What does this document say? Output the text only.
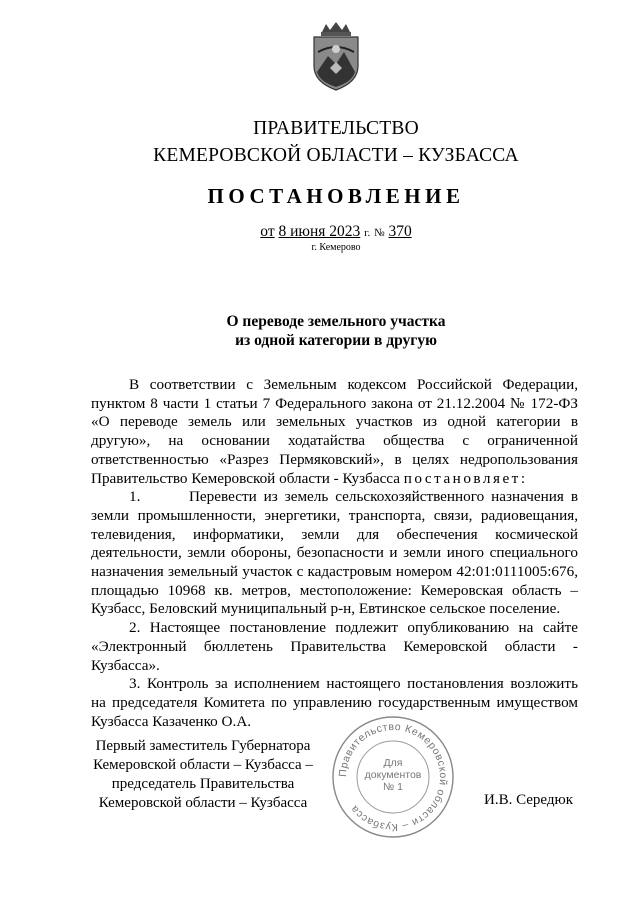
ПРАВИТЕЛЬСТВО
КЕМЕРОВСКОЙ ОБЛАСТИ – КУЗБАССА
ПОСТАНОВЛЕНИЕ
от 8 июня 2023 г. № 370
г. Кемерово
О переводе земельного участка
из одной категории в другую

В соответствии с Земельным кодексом Российской Федерации, пунктом 8 части 1 статьи 7 Федерального закона от 21.12.2004 № 172-ФЗ «О переводе земель или земельных участков из одной категории в другую», на основании ходатайства общества с ограниченной ответственностью «Разрез Пермяковский», в целях недропользования Правительство Кемеровской области - Кузбасса постановляет:

1.	Перевести из земель сельскохозяйственного назначения в земли промышленности, энергетики, транспорта, связи, радиовещания, телевидения, информатики, земли для обеспечения космической деятельности, земли обороны, безопасности и земли иного специального назначения земельный участок с кадастровым номером 42:01:0111005:676, площадью 10968 кв. метров, местоположение: Кемеровская область – Кузбасс, Беловский муниципальный р-н, Евтинское сельское поселение.

2. Настоящее постановление подлежит опубликованию на сайте «Электронный бюллетень Правительства Кемеровской области - Кузбасса».

3. Контроль за исполнением настоящего постановления возложить на председателя Комитета по управлению государственным имуществом Кузбасса Казаченко О.А.

Первый заместитель Губернатора
Кемеровской области – Кузбасса –
председатель Правительства
Кемеровской области – Кузбасса
Правительство Кемеровской области – Кузбасса
Для
документов
№ 1
И.В. Середюк
